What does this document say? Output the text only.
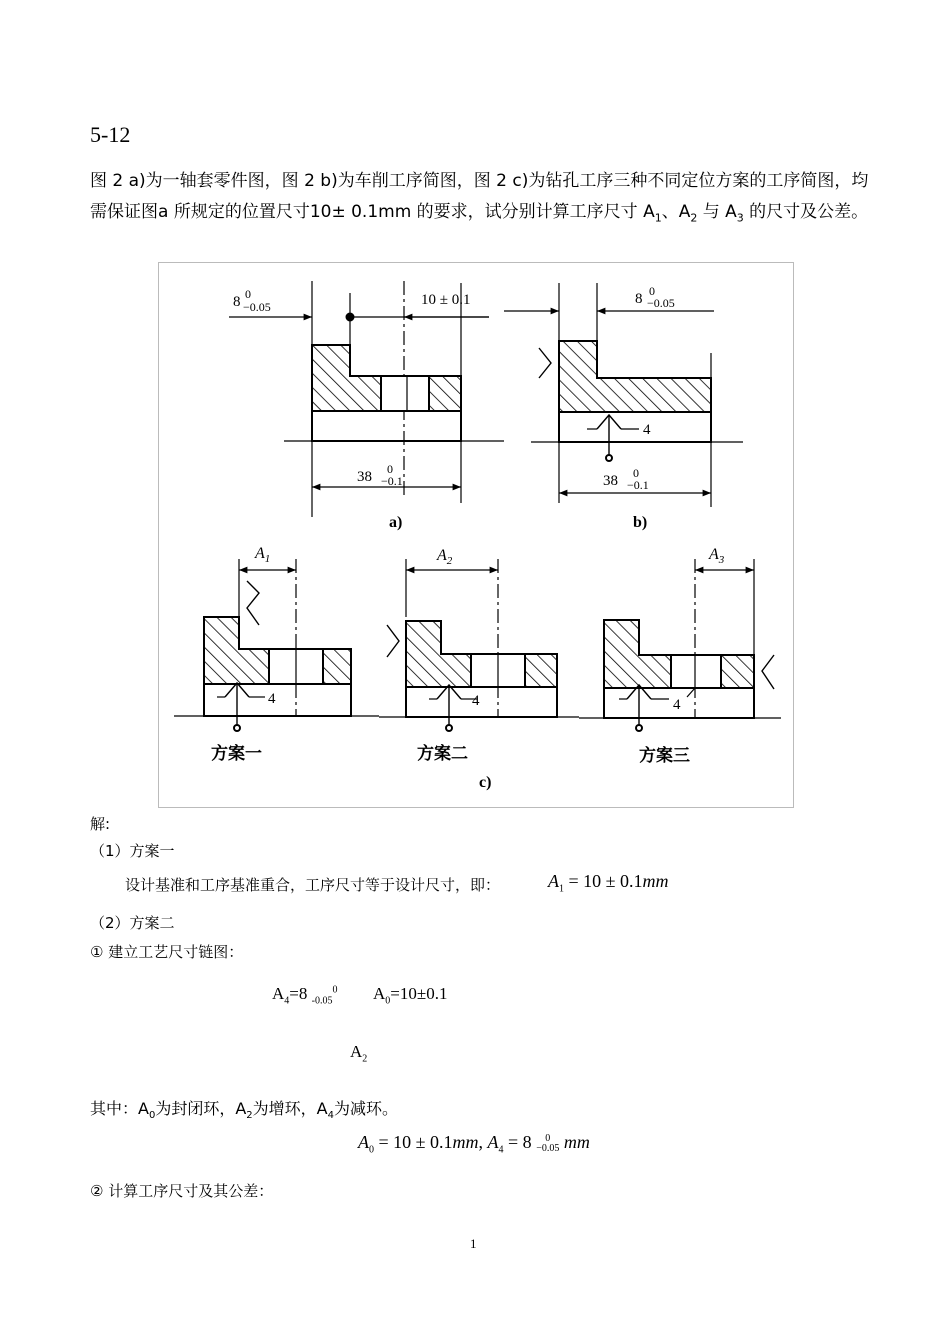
5-12
图 2 a)为一轴套零件图，图 2 b)为车削工序简图，图 2 c)为钻孔工序三种不同定位方案的工序简图，均需保证图a 所规定的位置尺寸10± 0.1mm 的要求，试分别计算工序尺寸 $A_1$、$A_2$ 与 $A_3$ 的尺寸及公差。
8 0
−0.05	10 ± 0.1
38 0
−0.1
a)
8 0
−0.05
4
38 0
−0.1
b)
$A_1$
4
方案一
$A_2$
4
方案二
$A_3$
4
方案三
c)
解:
（1）方案一
设计基准和工序基准重合，工序尺寸等于设计尺寸，即：	$A_1 = 10 \pm 0.1mm$
（2）方案二
① 建立工艺尺寸链图：
$A_4=8$ $_{-0.05}^0$ $A_0=10\pm 0.1$
$A_2$
其中：$A_0$为封闭环，$A_2$为增环，$A_4$为减环。
$A_0 = 10 \pm 0.1mm$, $A_4 = 8$	0
−0.05 mm
② 计算工序尺寸及其公差：
1
